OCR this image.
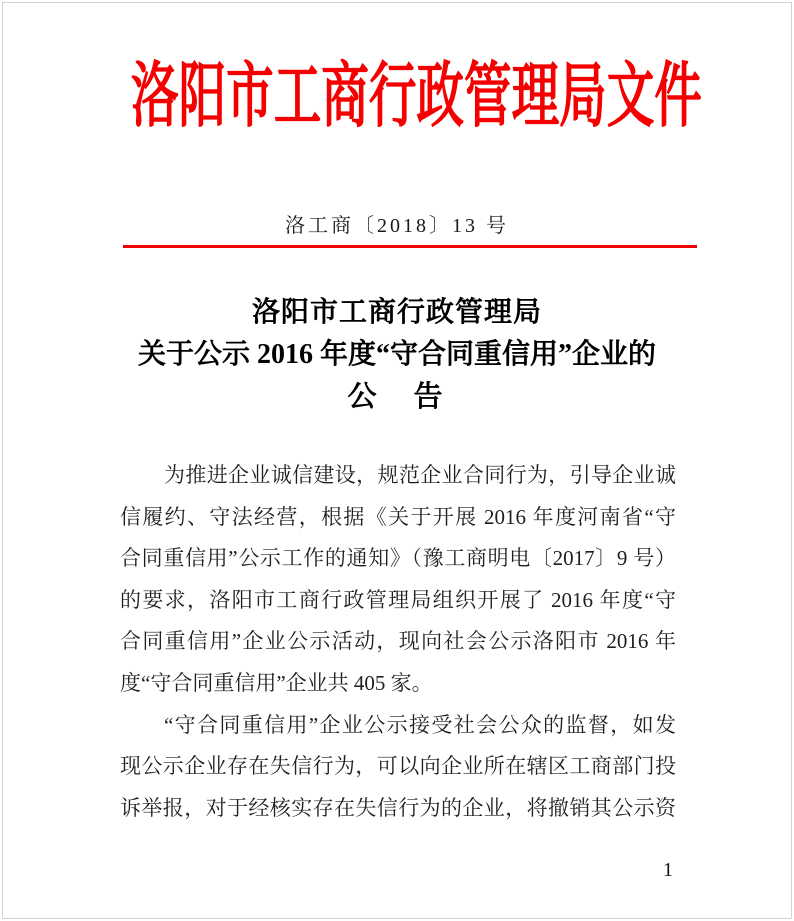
洛阳市工商行政管理局文件
洛工商〔2018〕13 号
洛阳市工商行政管理局
关于公示 2016 年度“守合同重信用”企业的
公　告
为推进企业诚信建设，规范企业合同行为，引导企业诚
信履约、守法经营，根据《关于开展 2016 年度河南省“守
合同重信用”公示工作的通知》（豫工商明电〔2017〕9 号）
的要求，洛阳市工商行政管理局组织开展了 2016 年度“守
合同重信用”企业公示活动，现向社会公示洛阳市 2016 年
度“守合同重信用”企业共 405 家。
“守合同重信用”企业公示接受社会公众的监督，如发
现公示企业存在失信行为，可以向企业所在辖区工商部门投
诉举报，对于经核实存在失信行为的企业，将撤销其公示资
1
